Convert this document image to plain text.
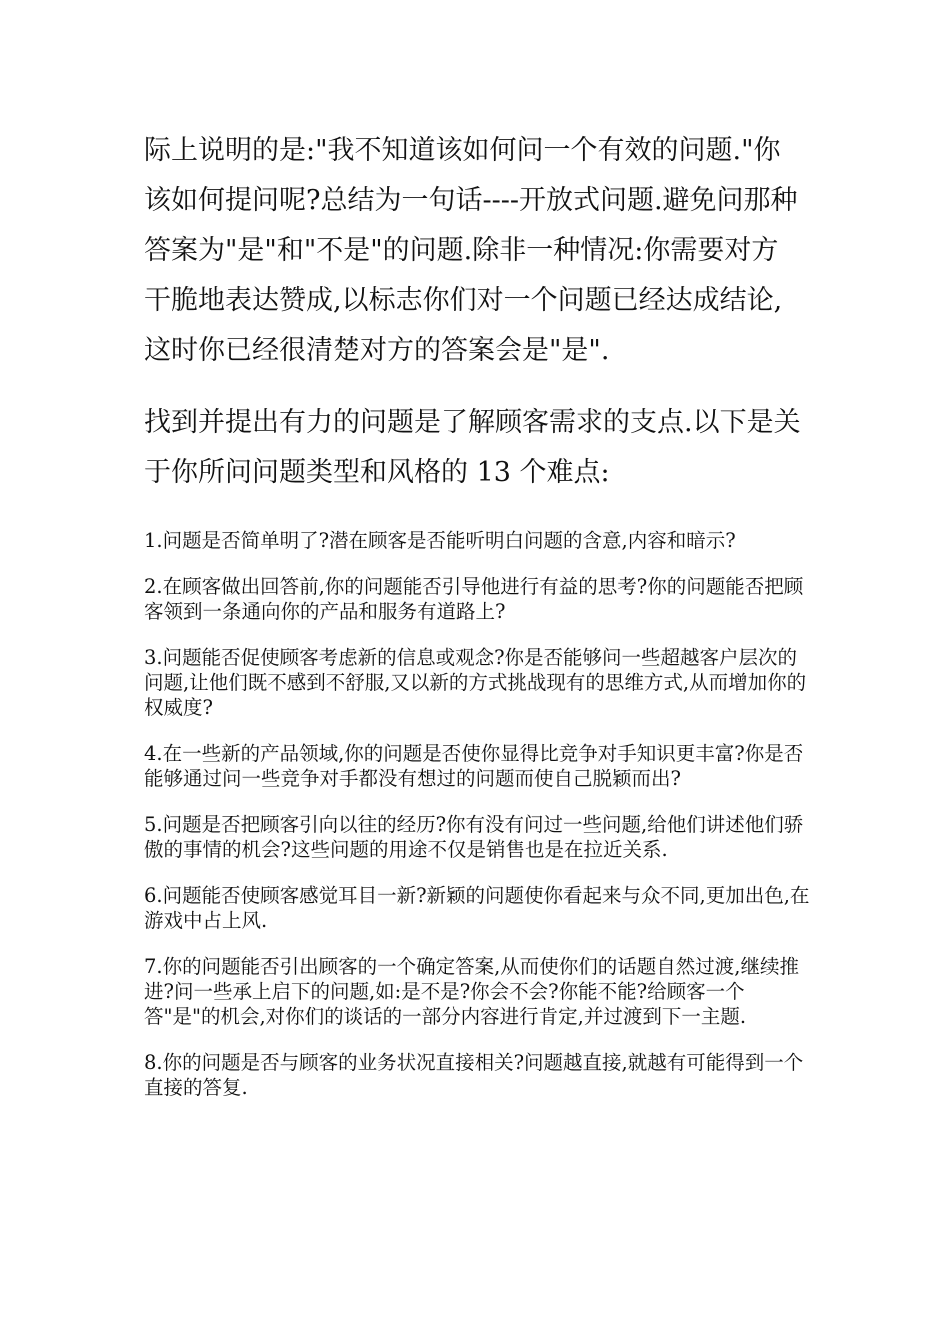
际上说明的是:"我不知道该如何问一个有效的问题."你该如何提问呢?总结为一句话----开放式问题.避免问那种答案为"是"和"不是"的问题.除非一种情况:你需要对方干脆地表达赞成,以标志你们对一个问题已经达成结论,这时你已经很清楚对方的答案会是"是".

找到并提出有力的问题是了解顾客需求的支点.以下是关于你所问问题类型和风格的 13 个难点:

1.问题是否简单明了?潜在顾客是否能听明白问题的含意,内容和暗示?

2.在顾客做出回答前,你的问题能否引导他进行有益的思考?你的问题能否把顾客领到一条通向你的产品和服务有道路上?

3.问题能否促使顾客考虑新的信息或观念?你是否能够问一些超越客户层次的问题,让他们既不感到不舒服,又以新的方式挑战现有的思维方式,从而增加你的权威度?

4.在一些新的产品领域,你的问题是否使你显得比竞争对手知识更丰富?你是否能够通过问一些竞争对手都没有想过的问题而使自己脱颖而出?

5.问题是否把顾客引向以往的经历?你有没有问过一些问题,给他们讲述他们骄傲的事情的机会?这些问题的用途不仅是销售也是在拉近关系.

6.问题能否使顾客感觉耳目一新?新颖的问题使你看起来与众不同,更加出色,在游戏中占上风.

7.你的问题能否引出顾客的一个确定答案,从而使你们的话题自然过渡,继续推进?问一些承上启下的问题,如:是不是?你会不会?你能不能?给顾客一个答"是"的机会,对你们的谈话的一部分内容进行肯定,并过渡到下一主题.

8.你的问题是否与顾客的业务状况直接相关?问题越直接,就越有可能得到一个直接的答复.
